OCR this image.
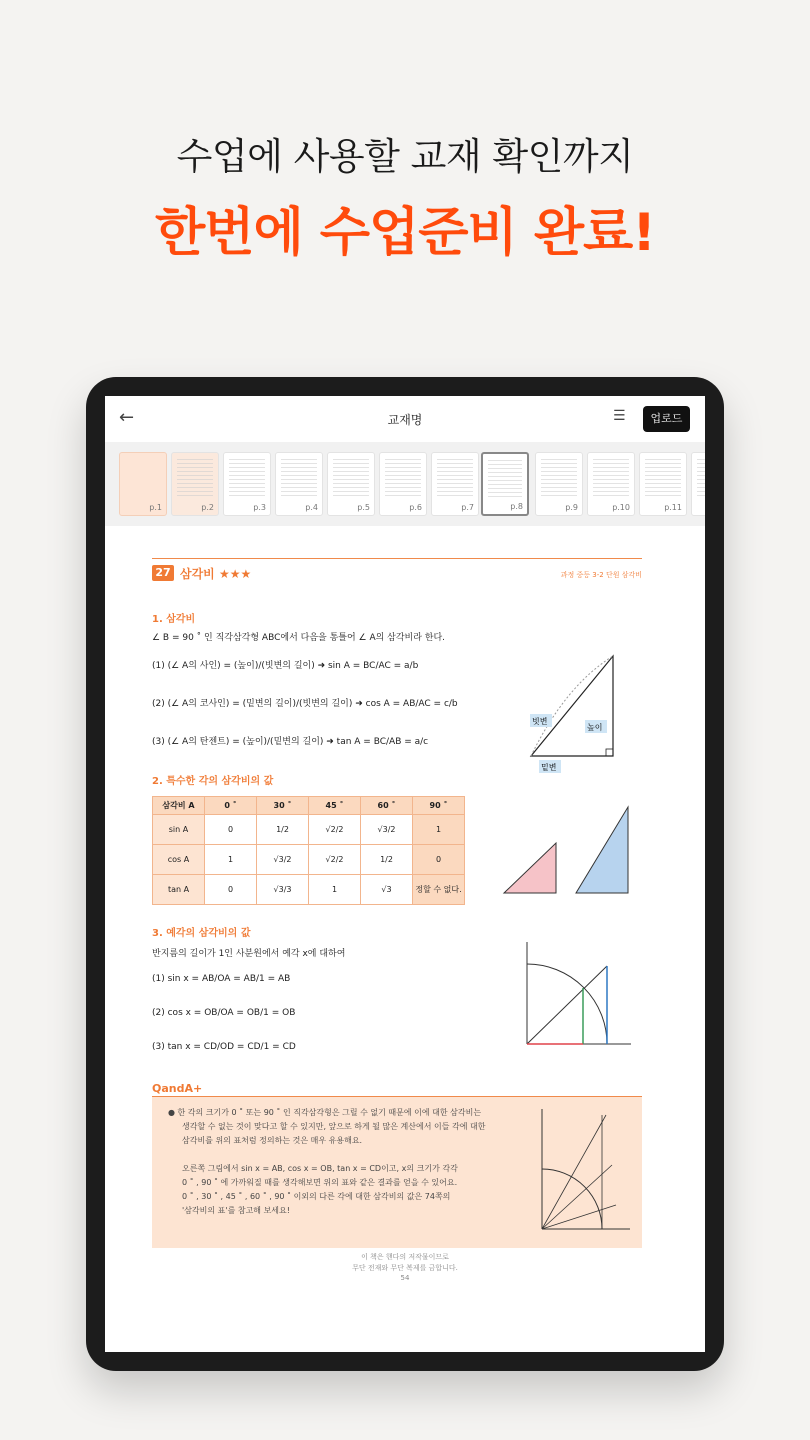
수업에 사용할 교재 확인까지
한번에 수업준비 완료!
←	교재명	☰	업로드
p.1	p.2	p.3	p.4	p.5	p.6	p.7	p.8	p.9	p.10	p.11
27 삼각비 ★★★	과정 중등 3-2 단원 삼각비
1. 삼각비
∠ B = 90 ˚ 인 직각삼각형 ABC에서 다음을 통틀어 ∠ A의 삼각비라 한다.
(1) (∠ A의 사인) = (높이)/(빗변의 길이) ➜ sin A = BC/AC = a/b
(2) (∠ A의 코사인) = (밑변의 길이)/(빗변의 길이) ➜ cos A = AB/AC = c/b
(3) (∠ A의 탄젠트) = (높이)/(밑변의 길이) ➜ tan A = BC/AB = a/c
빗변
높이
밑변
2. 특수한 각의 삼각비의 값
삼각비 A	0 ˚	30 ˚	45 ˚	60 ˚	90 ˚
sin A	0	1/2	√2/2	√3/2	1
cos A	1	√3/2	√2/2	1/2	0
tan A	0	√3/3	1	√3	정할 수 없다.
3. 예각의 삼각비의 값
반지름의 길이가 1인 사분원에서 예각 x에 대하여
(1) sin x = AB/OA = AB/1 = AB
(2) cos x = OB/OA = OB/1 = OB
(3) tan x = CD/OD = CD/1 = CD
QandA+
● 한 각의 크기가 0 ˚ 또는 90 ˚ 인 직각삼각형은 그릴 수 없기 때문에 이에 대한 삼각비는
생각할 수 없는 것이 맞다고 할 수 있지만, 앞으로 하게 될 많은 계산에서 이들 각에 대한
삼각비를 위의 표처럼 정의하는 것은 매우 유용해요.
오른쪽 그림에서 sin x = AB, cos x = OB, tan x = CD이고, x의 크기가 각각
0 ˚ , 90 ˚ 에 가까워질 때를 생각해보면 위의 표와 같은 결과를 얻을 수 있어요.
0 ˚ , 30 ˚ , 45 ˚ , 60 ˚ , 90 ˚ 이외의 다른 각에 대한 삼각비의 값은 74쪽의
'삼각비의 표'를 참고해 보세요!
이 책은 핸다의 저작물이므로
무단 전재와 무단 복제를 금합니다.
54
